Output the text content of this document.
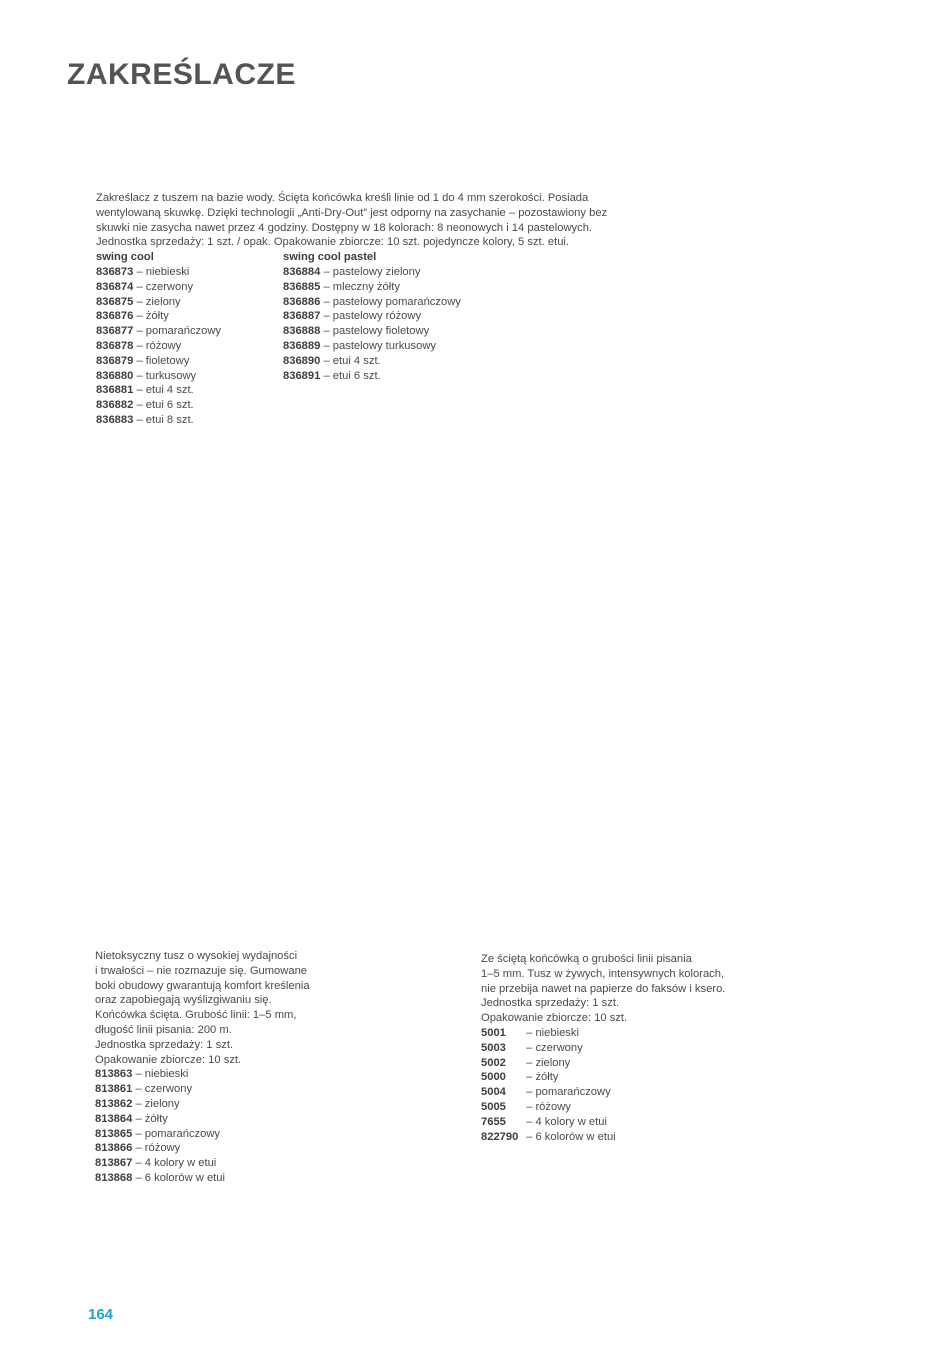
ZAKREŚLACZE
Zakreślacz z tuszem na bazie wody. Ścięta końcówka kreśli linie od 1 do 4 mm szerokości. Posiada
wentylowaną skuwkę. Dzięki technologii „Anti-Dry-Out” jest odporny na zasychanie – pozostawiony bez
skuwki nie zasycha nawet przez 4 godziny. Dostępny w 18 kolorach: 8 neonowych i 14 pastelowych.
Jednostka sprzedaży: 1 szt. / opak. Opakowanie zbiorcze: 10 szt. pojedyncze kolory, 5 szt. etui.
swing cool
836873 – niebieski
836874 – czerwony
836875 – zielony
836876 – żółty
836877 – pomarańczowy
836878 – różowy
836879 – fioletowy
836880 – turkusowy
836881 – etui 4 szt.
836882 – etui 6 szt.
836883 – etui 8 szt.
swing cool pastel
836884 – pastelowy zielony
836885 – mleczny żółty
836886 – pastelowy pomarańczowy
836887 – pastelowy różowy
836888 – pastelowy fioletowy
836889 – pastelowy turkusowy
836890 – etui 4 szt.
836891 – etui 6 szt.
Nietoksyczny tusz o wysokiej wydajności
i trwałości – nie rozmazuje się. Gumowane
boki obudowy gwarantują komfort kreślenia
oraz zapobiegają wyślizgiwaniu się.
Końcówka ścięta. Grubość linii: 1–5 mm,
długość linii pisania: 200 m.
Jednostka sprzedaży: 1 szt.
Opakowanie zbiorcze: 10 szt.
813863 – niebieski
813861 – czerwony
813862 – zielony
813864 – żółty
813865 – pomarańczowy
813866 – różowy
813867 – 4 kolory w etui
813868 – 6 kolorów w etui
Ze ściętą końcówką o grubości linii pisania
1–5 mm. Tusz w żywych, intensywnych kolorach,
nie przebija nawet na papierze do faksów i ksero.
Jednostka sprzedaży: 1 szt.
Opakowanie zbiorcze: 10 szt.
5001 – niebieski
5003 – czerwony
5002 – zielony
5000 – żółty
5004 – pomarańczowy
5005 – różowy
7655 – 4 kolory w etui
822790 – 6 kolorów w etui
164
